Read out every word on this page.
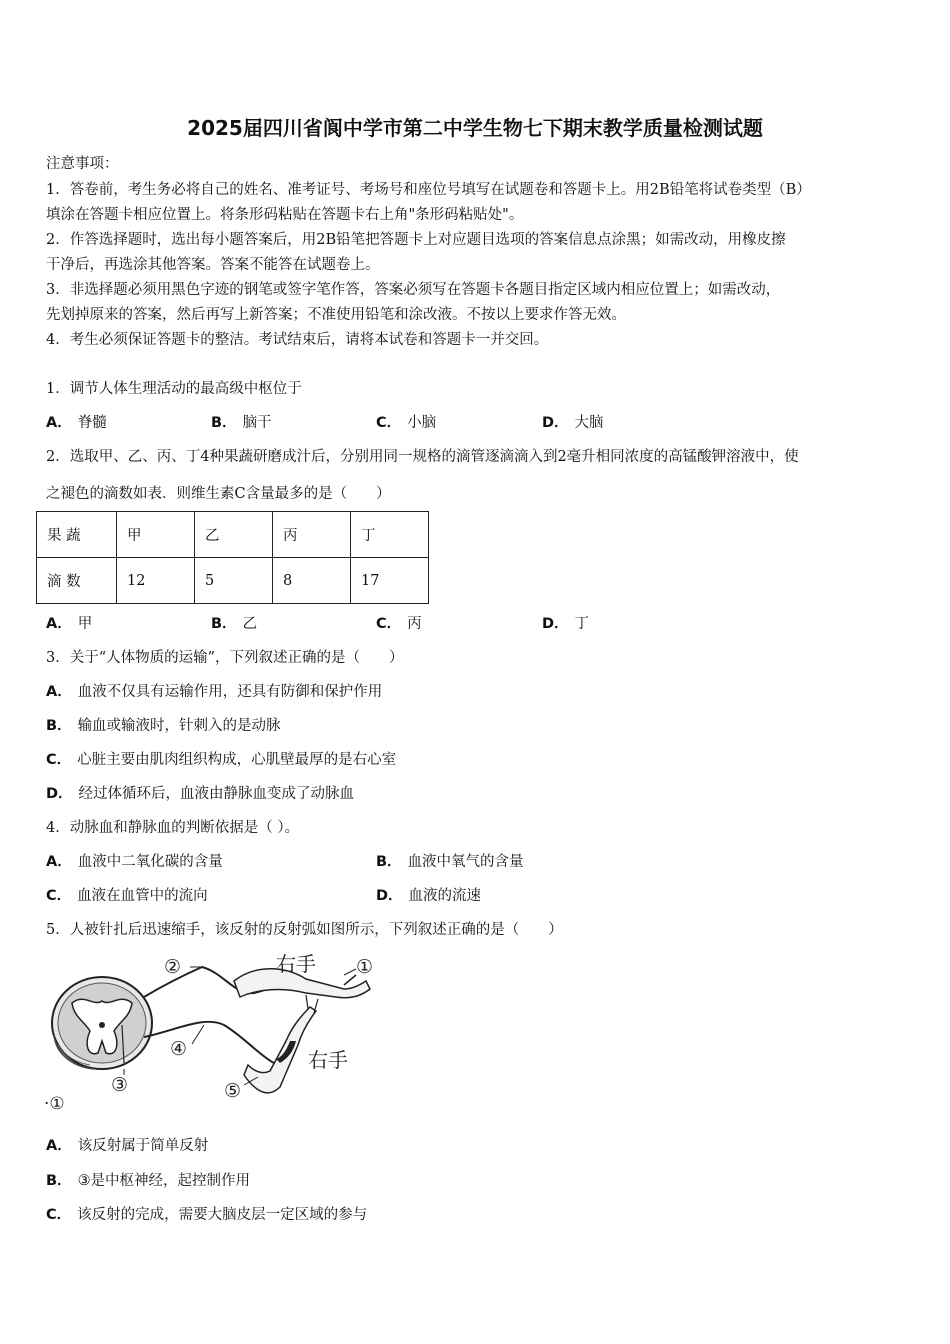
2025届四川省阆中学市第二中学生物七下期末教学质量检测试题
注意事项：
1．答卷前，考生务必将自己的姓名、准考证号、考场号和座位号填写在试题卷和答题卡上。用2B铅笔将试卷类型（B）
填涂在答题卡相应位置上。将条形码粘贴在答题卡右上角"条形码粘贴处"。
2．作答选择题时，选出每小题答案后，用2B铅笔把答题卡上对应题目选项的答案信息点涂黑；如需改动，用橡皮擦
干净后，再选涂其他答案。答案不能答在试题卷上。
3．非选择题必须用黑色字迹的钢笔或签字笔作答，答案必须写在答题卡各题目指定区域内相应位置上；如需改动，
先划掉原来的答案，然后再写上新答案；不准使用铅笔和涂改液。不按以上要求作答无效。
4．考生必须保证答题卡的整洁。考试结束后，请将本试卷和答题卡一并交回。
1．调节人体生理活动的最高级中枢位于
A． 脊髓	B． 脑干	C． 小脑	D． 大脑
2．选取甲、乙、丙、丁4种果蔬研磨成汁后，分别用同一规格的滴管逐滴滴入到2毫升相同浓度的高锰酸钾溶液中，使
之褪色的滴数如表．则维生素C含量最多的是（　　）
果 蔬	甲	乙	丙	丁
滴 数	12	5	8	17
A． 甲	B． 乙	C． 丙	D． 丁
3．关于“人体物质的运输”，下列叙述正确的是（　　）
A． 血液不仅具有运输作用，还具有防御和保护作用
B． 输血或输液时，针刺入的是动脉
C． 心脏主要由肌肉组织构成，心肌壁最厚的是右心室
D． 经过体循环后，血液由静脉血变成了动脉血
4．动脉血和静脉血的判断依据是（ ）。
A． 血液中二氧化碳的含量	B． 血液中氧气的含量
C． 血液在血管中的流向	D． 血液的流速
5．人被针扎后迅速缩手，该反射的反射弧如图所示，下列叙述正确的是（　　）
右手
右手
①
②
③
④
⑤
·①
A． 该反射属于简单反射
B． ③是中枢神经，起控制作用
C． 该反射的完成，需要大脑皮层一定区域的参与
